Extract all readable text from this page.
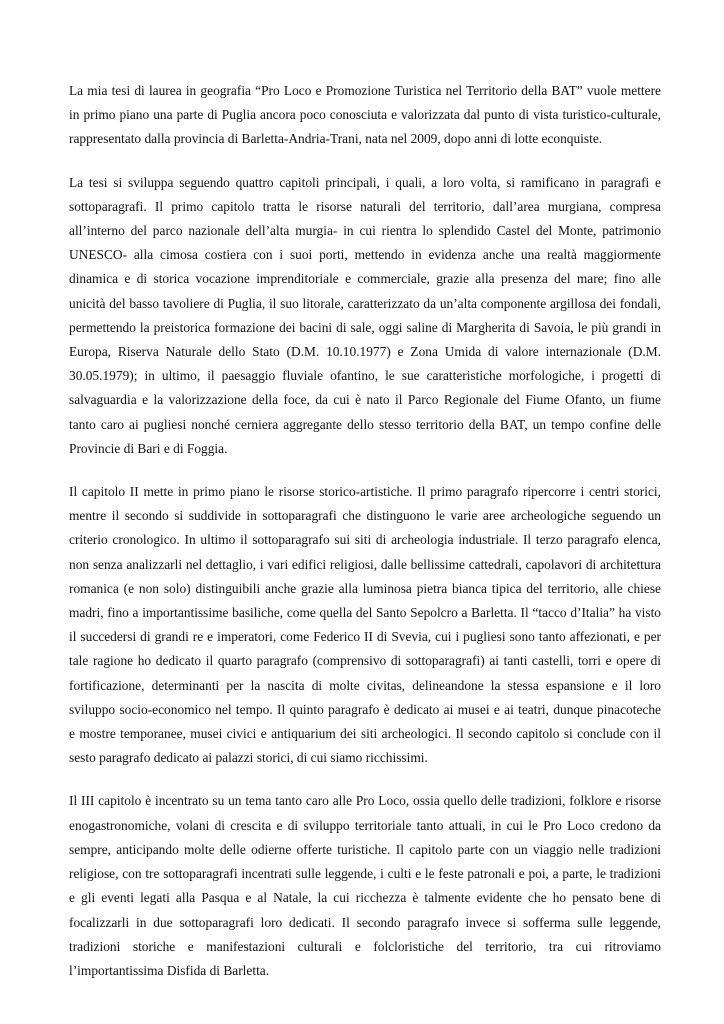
La mia tesi di laurea in geografia “Pro Loco e Promozione Turistica nel Territorio della BAT” vuole mettere
in primo piano una parte di Puglia ancora poco conosciuta e valorizzata dal punto di vista turistico-culturale,
rappresentato dalla provincia di Barletta-Andria-Trani, nata nel 2009, dopo anni di lotte econquiste.

La tesi si sviluppa seguendo quattro capitoli principali, i quali, a loro volta, si ramificano in paragrafi e
sottoparagrafi. Il primo capitolo tratta le risorse naturali del territorio, dall’area murgiana, compresa
all’interno del parco nazionale dell’alta murgia- in cui rientra lo splendido Castel del Monte, patrimonio
UNESCO- alla cimosa costiera con i suoi porti, mettendo in evidenza anche una realtà maggiormente
dinamica e di storica vocazione imprenditoriale e commerciale, grazie alla presenza del mare; fino alle
unicità del basso tavoliere di Puglia, il suo litorale, caratterizzato da un’alta componente argillosa dei fondali,
permettendo la preistorica formazione dei bacini di sale, oggi saline di Margherita di Savoia, le più grandi in
Europa, Riserva Naturale dello Stato (D.M. 10.10.1977) e Zona Umida di valore internazionale (D.M.
30.05.1979); in ultimo, il paesaggio fluviale ofantino, le sue caratteristiche morfologiche, i progetti di
salvaguardia e la valorizzazione della foce, da cui è nato il Parco Regionale del Fiume Ofanto, un fiume
tanto caro ai pugliesi nonché cerniera aggregante dello stesso territorio della BAT, un tempo confine delle
Provincie di Bari e di Foggia.

Il capitolo II mette in primo piano le risorse storico-artistiche. Il primo paragrafo ripercorre i centri storici,
mentre il secondo si suddivide in sottoparagrafi che distinguono le varie aree archeologiche seguendo un
criterio cronologico. In ultimo il sottoparagrafo sui siti di archeologia industriale. Il terzo paragrafo elenca,
non senza analizzarli nel dettaglio, i vari edifici religiosi, dalle bellissime cattedrali, capolavori di architettura
romanica (e non solo) distinguibili anche grazie alla luminosa pietra bianca tipica del territorio, alle chiese
madri, fino a importantissime basiliche, come quella del Santo Sepolcro a Barletta. Il “tacco d’Italia” ha visto
il succedersi di grandi re e imperatori, come Federico II di Svevia, cui i pugliesi sono tanto affezionati, e per
tale ragione ho dedicato il quarto paragrafo (comprensivo di sottoparagrafi) ai tanti castelli, torri e opere di
fortificazione, determinanti per la nascita di molte civitas, delineandone la stessa espansione e il loro
sviluppo socio-economico nel tempo. Il quinto paragrafo è dedicato ai musei e ai teatri, dunque pinacoteche
e mostre temporanee, musei civici e antiquarium dei siti archeologici. Il secondo capitolo si conclude con il
sesto paragrafo dedicato ai palazzi storici, di cui siamo ricchissimi.

Il III capitolo è incentrato su un tema tanto caro alle Pro Loco, ossia quello delle tradizioni, folklore e risorse
enogastronomiche, volani di crescita e di sviluppo territoriale tanto attuali, in cui le Pro Loco credono da
sempre, anticipando molte delle odierne offerte turistiche. Il capitolo parte con un viaggio nelle tradizioni
religiose, con tre sottoparagrafi incentrati sulle leggende, i culti e le feste patronali e poi, a parte, le tradizioni
e gli eventi legati alla Pasqua e al Natale, la cui ricchezza è talmente evidente che ho pensato bene di
focalizzarli in due sottoparagrafi loro dedicati. Il secondo paragrafo invece si sofferma sulle leggende,
tradizioni storiche e manifestazioni culturali e folcloristiche del territorio, tra cui ritroviamo
l’importantissima Disfida di Barletta.
